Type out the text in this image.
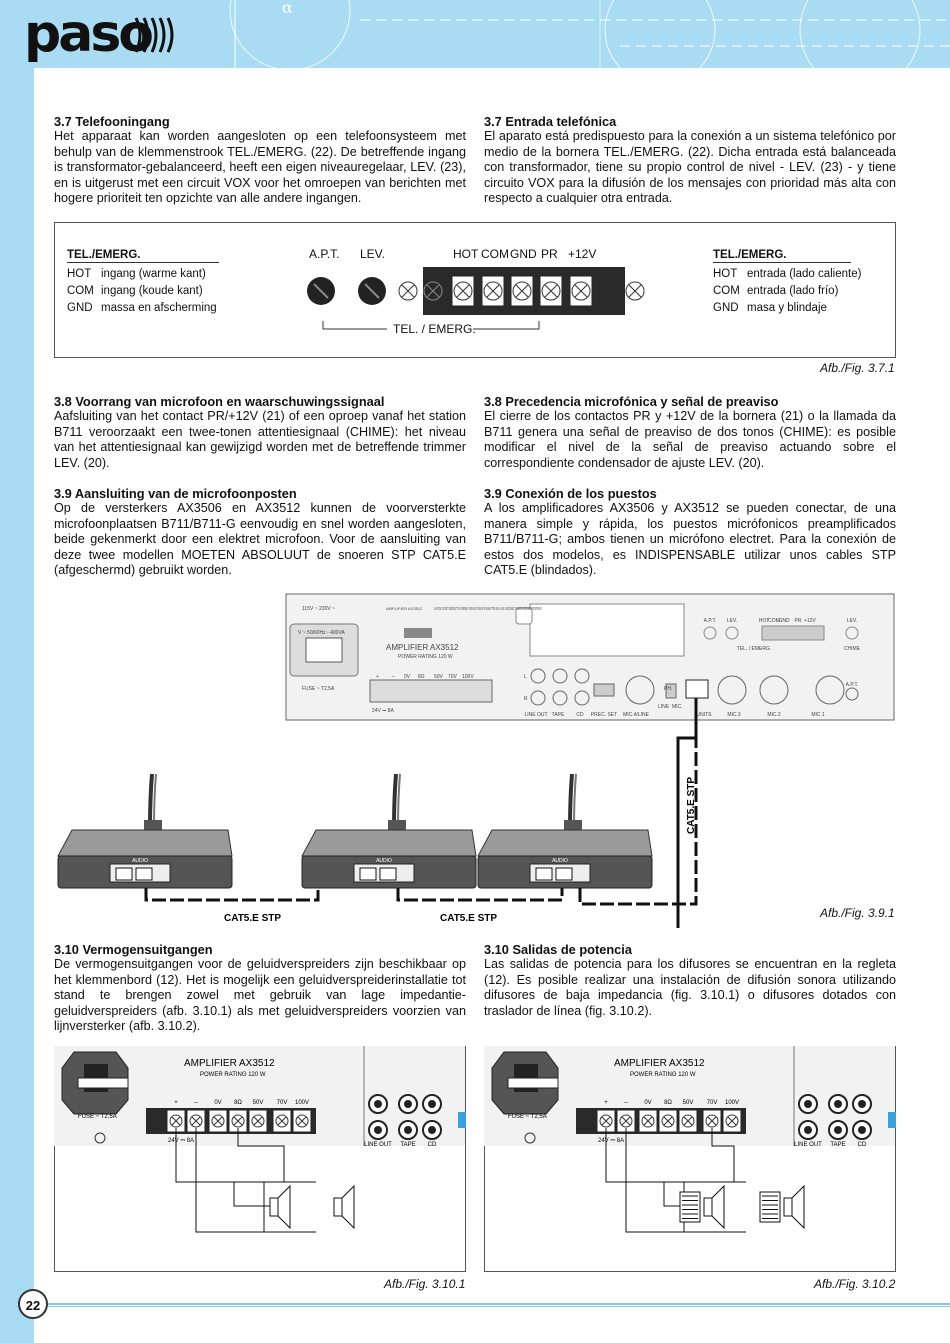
paso	α

3.7 Telefooningang

Het apparaat kan worden aangesloten op een telefoonsysteem met behulp van de klemmenstrook TEL./EMERG. (22). De betreffende ingang is transformator-gebalanceerd, heeft een eigen niveauregelaar, LEV. (23), en is uitgerust met een circuit VOX voor het omroepen van berichten met hogere prioriteit ten opzichte van alle andere ingangen.

3.7 Entrada telefónica

El aparato está predispuesto para la conexión a un sistema telefónico por medio de la bornera TEL./EMERG. (22). Dicha entrada está balanceada con transformador, tiene su propio control de nivel - LEV. (23) - y tiene circuito VOX para la difusión de los mensajes con prioridad más alta con respecto a cualquier otra entrada.

TEL./EMERG.
HOT	ingang (warme kant)
COM	ingang (koude kant)
GND	massa en afscherming
TEL./EMERG.
HOT	entrada (lado caliente)
COM	entrada (lado frío)
GND	masa y blindaje
A.P.T. LEV.	HOT COM GND PR +12V
TEL. / EMERG.
Afb./Fig. 3.7.1

3.8 Voorrang van microfoon en waarschuwingssignaal

Aafsluiting van het contact PR/+12V (21) of een oproep vanaf het station B711 veroorzaakt een twee-tonen attentiesignaal (CHIME): het niveau van het attentiesignaal kan gewijzigd worden met de betreffende trimmer LEV. (20).

3.8 Precedencia microfónica y señal de preaviso

El cierre de los contactos PR y +12V de la bornera (21) o la llamada da B711 genera una señal de preaviso de dos tonos (CHIME): es posible modificar el nivel de la señal de preaviso actuando sobre el correspondiente condensador de ajuste LEV. (20).

3.9 Aansluiting van de microfoonposten

Op de versterkers AX3506 en AX3512 kunnen de voorversterkte microfoonplaatsen B711/B711-G eenvoudig en snel worden aangesloten, beide gekenmerkt door een elektret microfoon. Voor de aansluiting van deze twee modellen MOETEN ABSOLUUT de snoeren STP CAT5.E (afgeschermd) gebruikt worden.

3.9 Conexión de los puestos

A los amplificadores AX3506 y AX3512 se pueden conectar, de una manera simple y rápida, los puestos micrófonicos preamplificados B711/B711-G; ambos tienen un micrófono electret. Para la conexión de estos dos modelos, es INDISPENSABLE utilizar unos cables STP CAT5.E (blindados).

115V ~ 230V ~
V ~ 50/60Hz - 400VA
AMPLIFIER AX3512
AMPLIFIER AX3512
POWER RATING 120 W
FUSE ~ T2,5A
24V ⎓ 8A
+	– 0V 8Ω 50V 70V 100V
LINE OUT TAPE CD PREC. SET MIC.4/LINE	UNITS	MIC.3	MIC.2	MIC.1
A.P.T. LEV.	HOT
COM
GND PR +12V	LEV.
TEL. / EMERG.	CHIME
A.P.T.
PH.
LINE MIC.
L
R
CAUTION: DO NOT OBSTRUCT THE OPENING. REPLACE FUSE WITH SAME TYPE AND VALUE. DISCONNECT POWER CORD BEFORE OPENING.
AUDIO	AUDIO	AUDIO
CAT5.E STP	CAT5.E STP
CAT5.E STP
Afb./Fig. 3.9.1

3.10 Vermogensuitgangen

De vermogensuitgangen voor de geluidverspreiders zijn beschikbaar op het klemmenbord (12). Het is mogelijk een geluidverspreiderinstallatie tot stand te brengen zowel met gebruik van lage impedantie-geluidverspreiders (afb. 3.10.1) als met geluidverspreiders voorzien van lijnversterker (afb. 3.10.2).

3.10 Salidas de potencia

Las salidas de potencia para los difusores se encuentran en la regleta (12). Es posible realizar una instalación de difusión sonora utilizando difusores de baja impedancia (fig. 3.10.1) o difusores dotados con traslador de línea (fig. 3.10.2).

AMPLIFIER AX3512
POWER RATING 120 W
FUSE ~ T2,5A
24V ⎓ 8A
+	–	0V 8Ω 50V 70V 100V
LINE OUT TAPE CD
AMPLIFIER AX3512
POWER RATING 120 W
FUSE ~ T2,5A
24V ⎓ 8A
+	–	0V 8Ω 50V 70V 100V
LINE OUT TAPE CD
Afb./Fig. 3.10.1	Afb./Fig. 3.10.2
22
